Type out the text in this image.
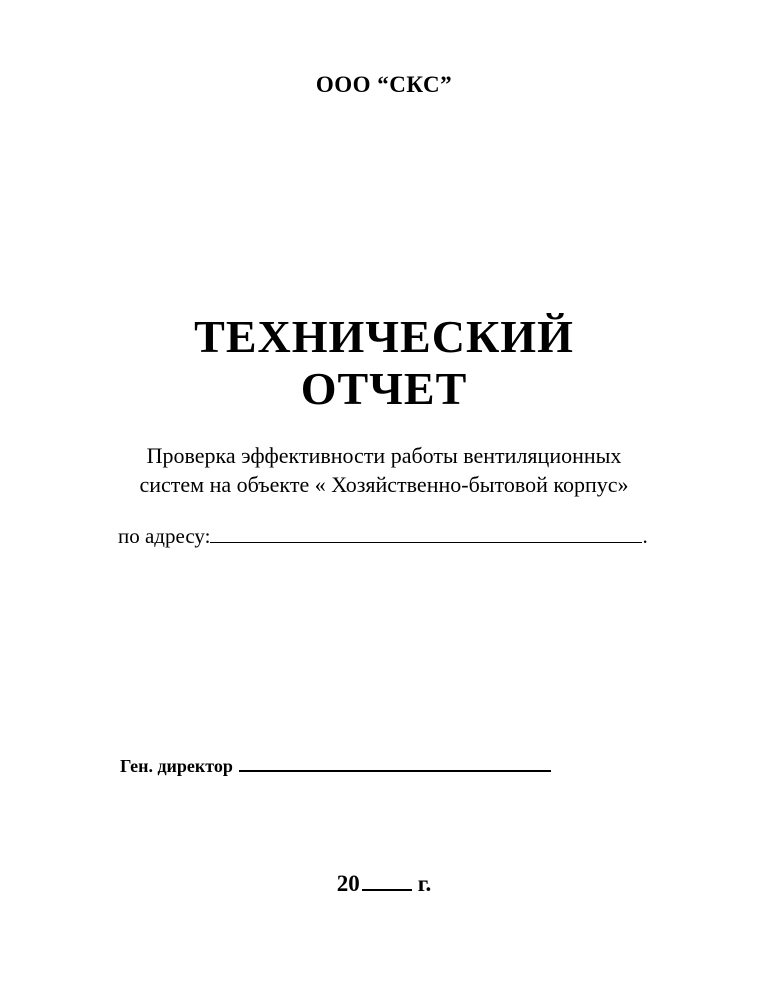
ООО “СКС”
ТЕХНИЧЕСКИЙ
ОТЧЕТ
Проверка эффективности работы вентиляционных
систем на объекте « Хозяйственно-бытовой корпус»
по адресу:	.
Ген. директор
20	г.
